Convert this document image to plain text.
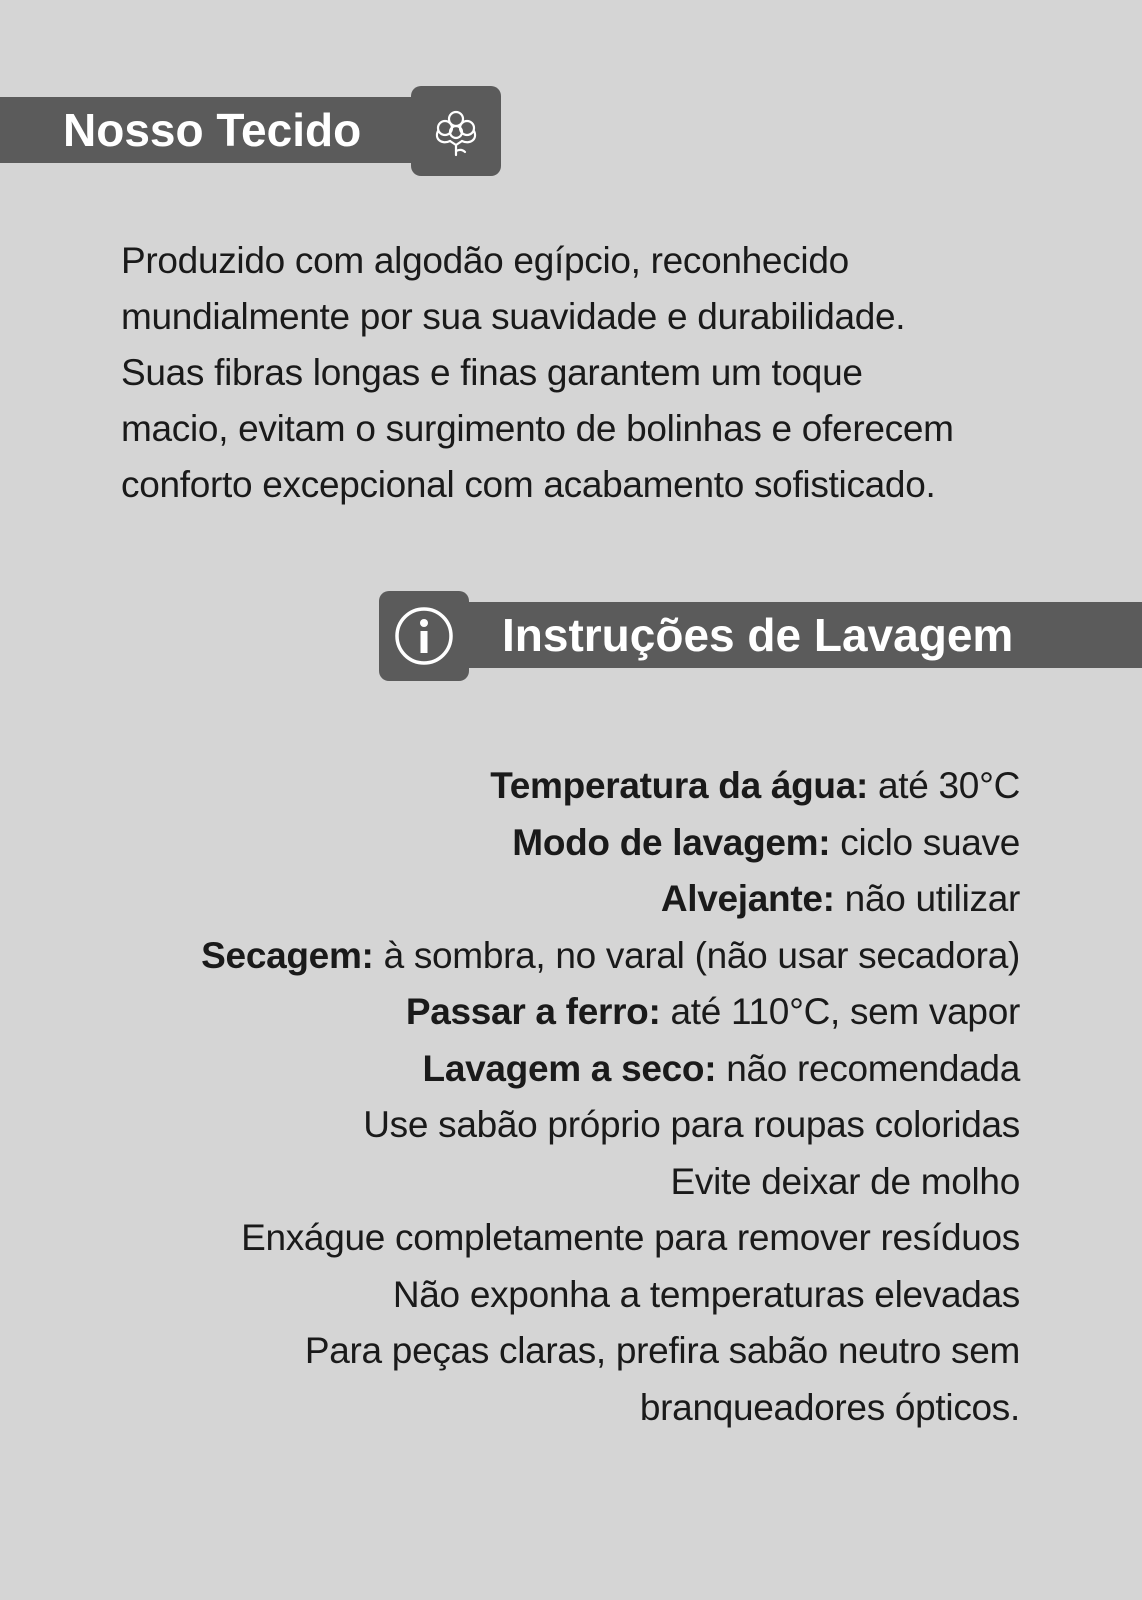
Nosso Tecido
Produzido com algodão egípcio, reconhecido
mundialmente por sua suavidade e durabilidade.
Suas fibras longas e finas garantem um toque
macio, evitam o surgimento de bolinhas e oferecem
conforto excepcional com acabamento sofisticado.
Instruções de Lavagem
Temperatura da água: até 30°C
Modo de lavagem: ciclo suave
Alvejante: não utilizar
Secagem: à sombra, no varal (não usar secadora)
Passar a ferro: até 110°C, sem vapor
Lavagem a seco: não recomendada
Use sabão próprio para roupas coloridas
Evite deixar de molho
Enxágue completamente para remover resíduos
Não exponha a temperaturas elevadas
Para peças claras, prefira sabão neutro sem
branqueadores ópticos.
